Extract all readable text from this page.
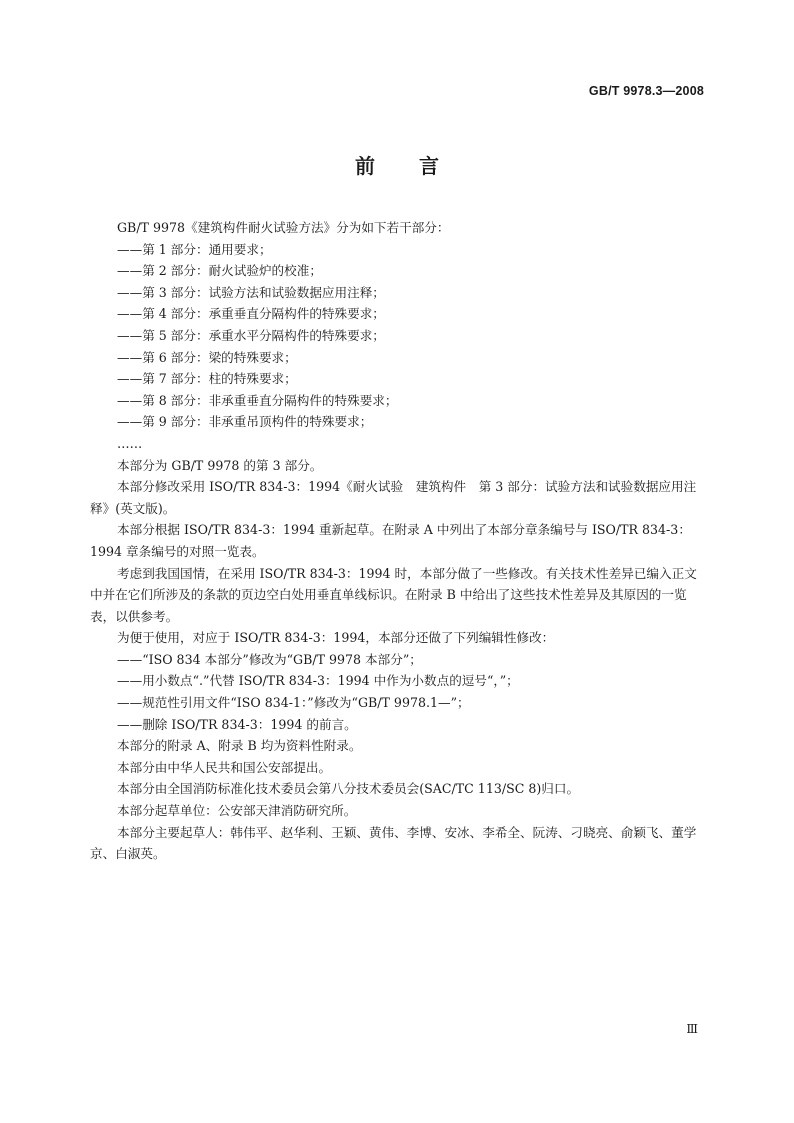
GB/T 9978.3—2008
前言

GB/T 9978《建筑构件耐火试验方法》分为如下若干部分：

——第 1 部分：通用要求；

——第 2 部分：耐火试验炉的校准；

——第 3 部分：试验方法和试验数据应用注释；

——第 4 部分：承重垂直分隔构件的特殊要求；

——第 5 部分：承重水平分隔构件的特殊要求；

——第 6 部分：梁的特殊要求；

——第 7 部分：柱的特殊要求；

——第 8 部分：非承重垂直分隔构件的特殊要求；

——第 9 部分：非承重吊顶构件的特殊要求；

……

本部分为 GB/T 9978 的第 3 部分。

本部分修改采用 ISO/TR 834-3：1994《耐火试验　建筑构件　第 3 部分：试验方法和试验数据应用注释》(英文版)。

本部分根据 ISO/TR 834-3：1994 重新起草。在附录 A 中列出了本部分章条编号与 ISO/TR 834-3：1994 章条编号的对照一览表。

考虑到我国国情，在采用 ISO/TR 834-3：1994 时，本部分做了一些修改。有关技术性差异已编入正文中并在它们所涉及的条款的页边空白处用垂直单线标识。在附录 B 中给出了这些技术性差异及其原因的一览表，以供参考。

为便于使用，对应于 ISO/TR 834-3：1994，本部分还做了下列编辑性修改：

——“ISO 834 本部分”修改为“GB/T 9978 本部分”；

——用小数点“.”代替 ISO/TR 834-3：1994 中作为小数点的逗号“，”；

——规范性引用文件“ISO 834-1：”修改为“GB/T 9978.1—”；

——删除 ISO/TR 834-3：1994 的前言。

本部分的附录 A、附录 B 均为资料性附录。

本部分由中华人民共和国公安部提出。

本部分由全国消防标准化技术委员会第八分技术委员会(SAC/TC 113/SC 8)归口。

本部分起草单位：公安部天津消防研究所。

本部分主要起草人：韩伟平、赵华利、王颖、黄伟、李博、安冰、李希全、阮涛、刁晓亮、俞颖飞、董学京、白淑英。

Ⅲ
